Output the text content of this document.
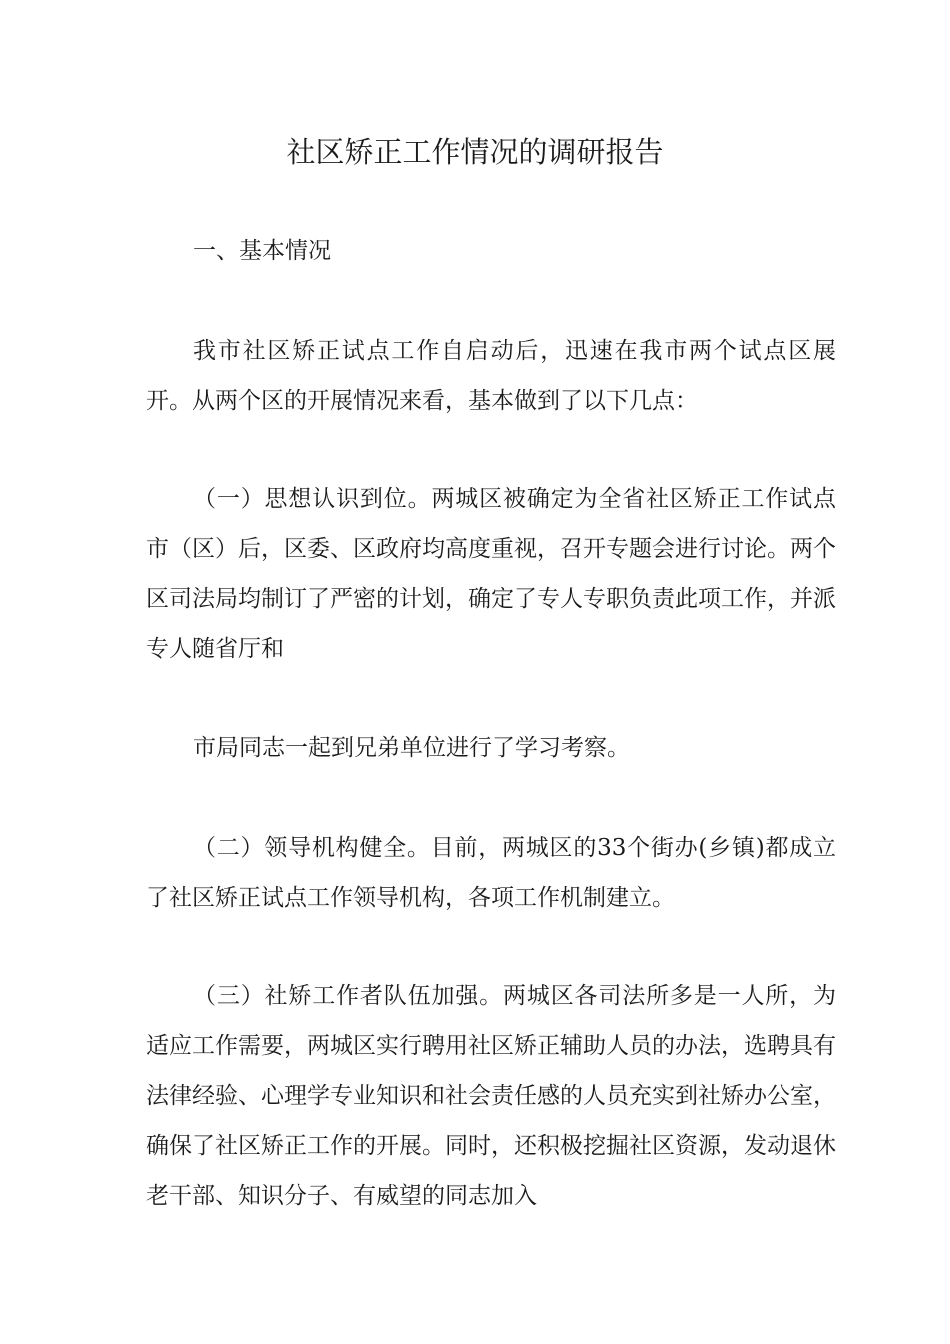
社区矫正工作情况的调研报告
一、基本情况

我市社区矫正试点工作自启动后，迅速在我市两个试点区展开。从两个区的开展情况来看，基本做到了以下几点：

（一）思想认识到位。两城区被确定为全省社区矫正工作试点市（区）后，区委、区政府均高度重视，召开专题会进行讨论。两个区司法局均制订了严密的计划，确定了专人专职负责此项工作，并派专人随省厅和

市局同志一起到兄弟单位进行了学习考察。

（二）领导机构健全。目前，两城区的33个街办(乡镇)都成立了社区矫正试点工作领导机构，各项工作机制建立。

（三）社矫工作者队伍加强。两城区各司法所多是一人所，为适应工作需要，两城区实行聘用社区矫正辅助人员的办法，选聘具有法律经验、心理学专业知识和社会责任感的人员充实到社矫办公室，确保了社区矫正工作的开展。同时，还积极挖掘社区资源，发动退休老干部、知识分子、有威望的同志加入
